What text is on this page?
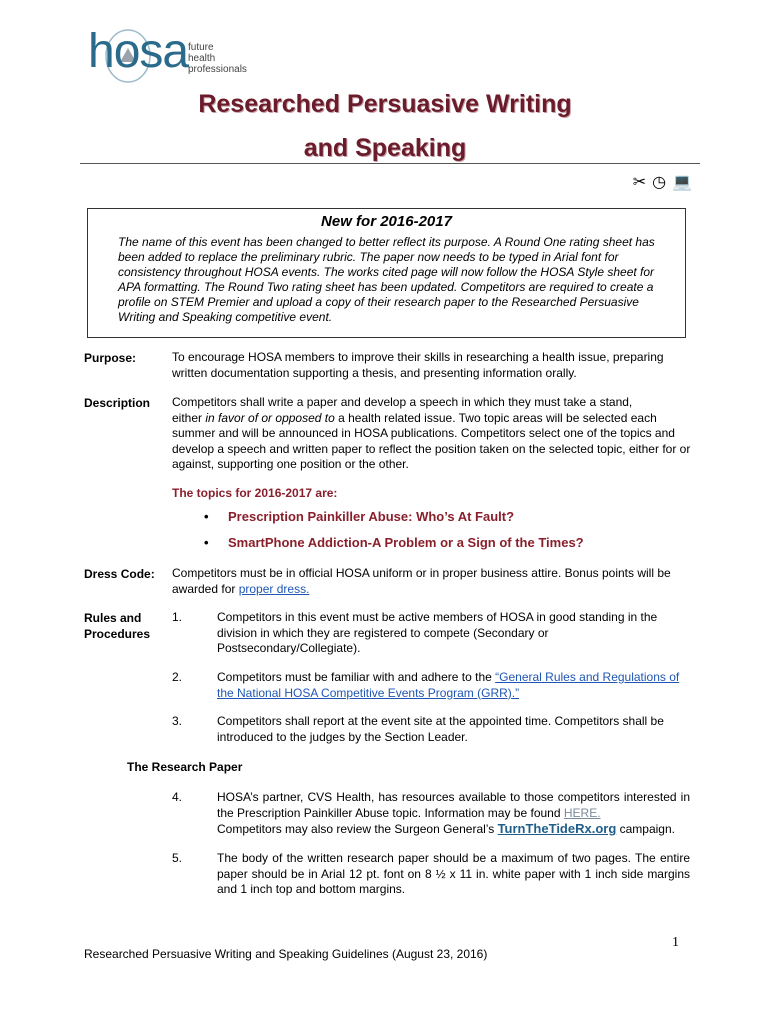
hosa future
health
professionals
Researched Persuasive Writing
and Speaking
✂◷💻
New for 2016-2017

The name of this event has been changed to better reflect its purpose. A Round One rating sheet has been added to replace the preliminary rubric. The paper now needs to be typed in Arial font for consistency throughout HOSA events. The works cited page will now follow the HOSA Style sheet for APA formatting. The Round Two rating sheet has been updated. Competitors are required to create a profile on STEM Premier and upload a copy of their research paper to the Researched Persuasive Writing and Speaking competitive event.

Purpose:	To encourage HOSA members to improve their skills in researching a health issue, preparing written documentation supporting a thesis, and presenting information orally.
Description Competitors shall write a paper and develop a speech in which they must take a stand,
either in favor of or opposed to a health related issue. Two topic areas will be selected each summer and will be announced in HOSA publications. Competitors select one of the topics and develop a speech and written paper to reflect the position taken on the selected topic, either for or against, supporting one position or the other.
The topics for 2016-2017 are:
• Prescription Painkiller Abuse: Who’s At Fault?
• SmartPhone Addiction-A Problem or a Sign of the Times?
Dress Code: Competitors must be in official HOSA uniform or in proper business attire. Bonus points will be awarded for proper dress.
Rules and
Procedures
1.	Competitors in this event must be active members of HOSA in good standing in the division in which they are registered to compete (Secondary or Postsecondary/Collegiate).
2.	Competitors must be familiar with and adhere to the “General Rules and Regulations of the National HOSA Competitive Events Program (GRR).”
3.	Competitors shall report at the event site at the appointed time. Competitors shall be introduced to the judges by the Section Leader.
The Research Paper
4.	HOSA’s partner, CVS Health, has resources available to those competitors interested in the Prescription Painkiller Abuse topic. Information may be found HERE.
Competitors may also review the Surgeon General’s TurnTheTideRx.org campaign.
5.	The body of the written research paper should be a maximum of two pages. The entire paper should be in Arial 12 pt. font on 8 ½ x 11 in. white paper with 1 inch side margins and 1 inch top and bottom margins.
1
Researched Persuasive Writing and Speaking Guidelines (August 23, 2016)
